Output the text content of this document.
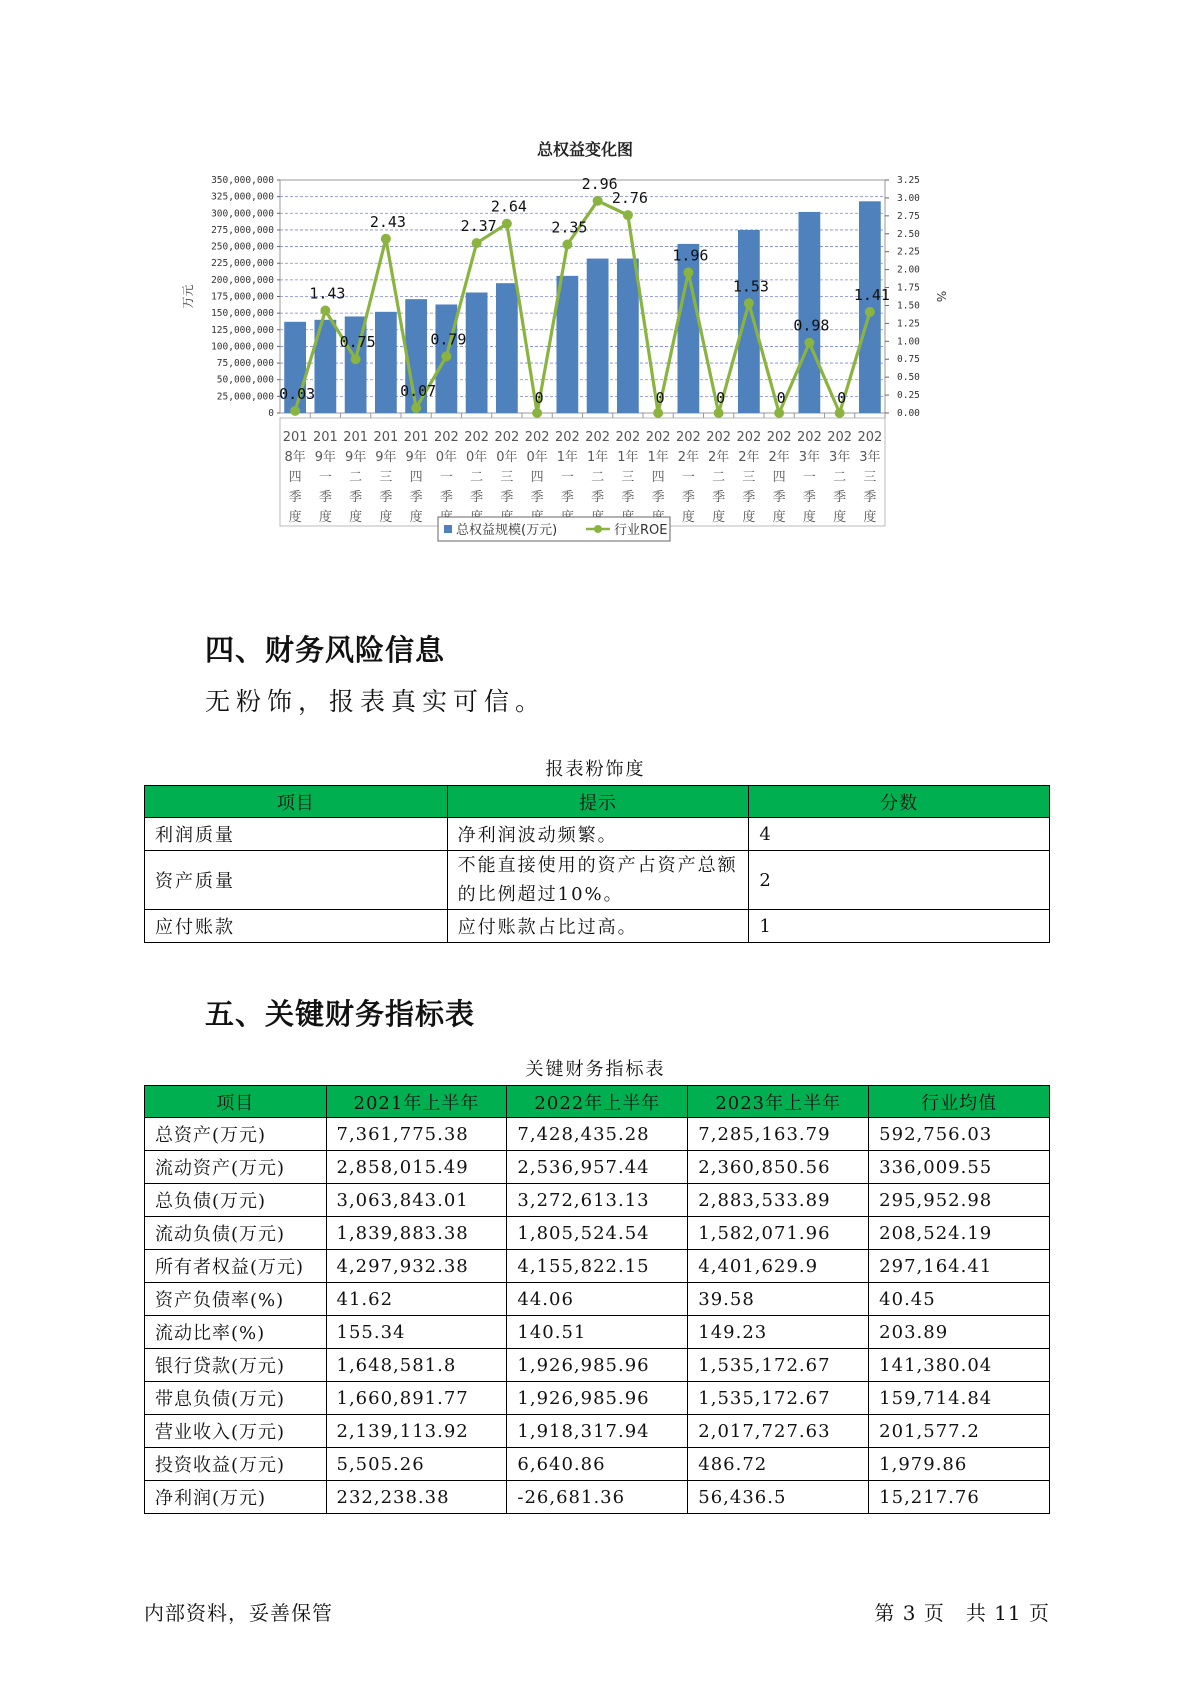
总权益变化图
350,000,000
325,000,000
300,000,000
275,000,000
250,000,000
225,000,000
200,000,000
175,000,000
150,000,000
125,000,000
100,000,000
75,000,000
50,000,000
25,000,000
0
3.25
3.00
2.75
2.50
2.25
2.00
1.75
1.50
1.25
1.00
0.75
0.50
0.25
0.00
万元	%
201
8年
四
季
度
201
9年
一
季
度
201
9年
二
季
度
201
9年
三
季
度
201
9年
四
季
度
202
0年
一
季
202
0年
二
季
202
0年
三
季
202
0年
四
季
202
1年
一
季
202
1年
二
季
202
1年
三
季
202
1年
四
季
202
2年
一
季
度
202
2年
二
季
度
202
2年
三
季
度
202
2年
四
季
度
202
3年
一
季
度
202
3年
二
季
度
202
3年
三
季
度
0.03
1.43
0.75
2.43
0.07
0.79
2.37
2.64
0
2.35
2.96
2.76
0
1.96
0
1.53
0
0.98
0
1.41
总权益规模(万元)	行业ROE
四、财务风险信息
无粉饰，报表真实可信。
报表粉饰度
项目	提示	分数
利润质量	净利润波动频繁。	4
资产质量	不能直接使用的资产占资产总额的比例超过10%。	2
应付账款	应付账款占比过高。	1
五、关键财务指标表
关键财务指标表
项目	2021年上半年	2022年上半年	2023年上半年	行业均值
总资产(万元)	7,361,775.38	7,428,435.28	7,285,163.79	592,756.03
流动资产(万元)	2,858,015.49	2,536,957.44	2,360,850.56	336,009.55
总负债(万元)	3,063,843.01	3,272,613.13	2,883,533.89	295,952.98
流动负债(万元)	1,839,883.38	1,805,524.54	1,582,071.96	208,524.19
所有者权益(万元)	4,297,932.38	4,155,822.15	4,401,629.9	297,164.41
资产负债率(%)	41.62	44.06	39.58	40.45
流动比率(%)	155.34	140.51	149.23	203.89
银行贷款(万元)	1,648,581.8	1,926,985.96	1,535,172.67	141,380.04
带息负债(万元)	1,660,891.77	1,926,985.96	1,535,172.67	159,714.84
营业收入(万元)	2,139,113.92	1,918,317.94	2,017,727.63	201,577.2
投资收益(万元)	5,505.26	6,640.86	486.72	1,979.86
净利润(万元)	232,238.38	-26,681.36	56,436.5	15,217.76
内部资料，妥善保管	第 3 页　共 11 页
